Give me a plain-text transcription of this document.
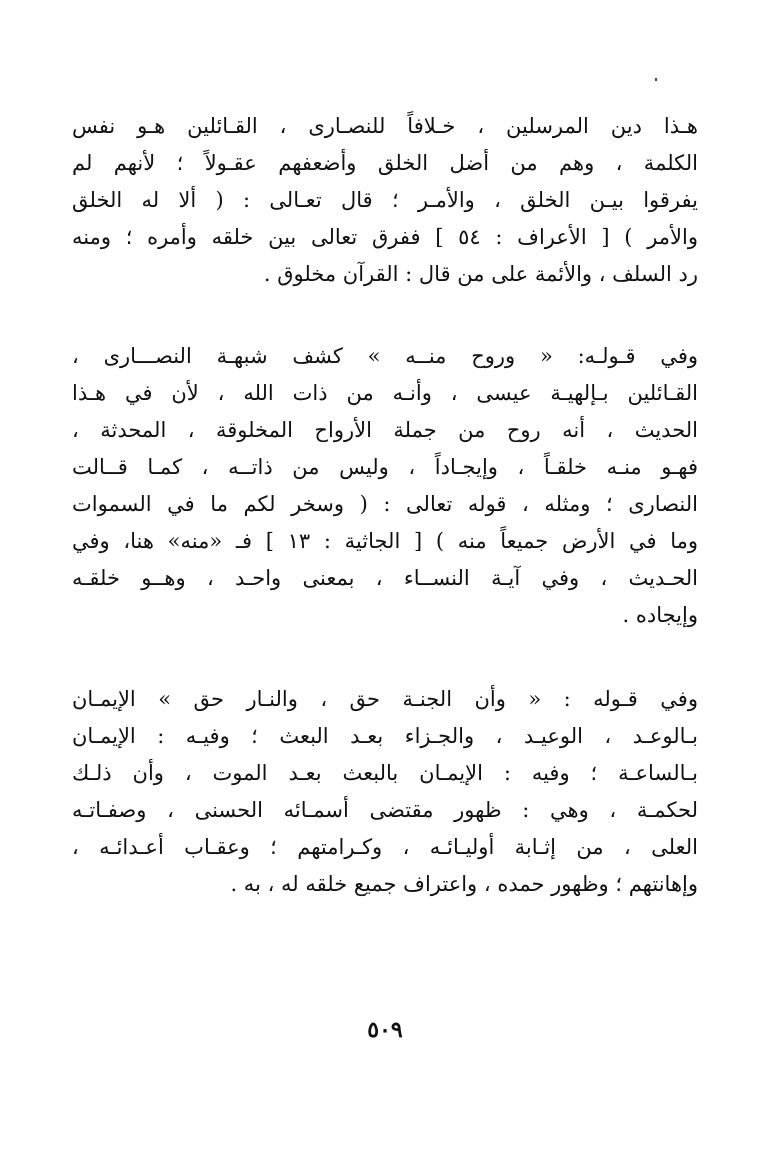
هـذا دين المرسلين ، خـلافاً للنصـارى ، القـائلين هـو نفس
الكلمة ، وهم من أضل الخلق وأضعفهم عقـولاً ؛ لأنهم لم
يفرقوا بيـن الخلق ، والأمـر ؛ قال تعـالى : ( ألا له الخلق
والأمر ) [ الأعراف : ٥٤ ] ففرق تعالى بين خلقه وأمره ؛ ومنه
رد السلف ، والأئمة على من قال : القرآن مخلوق .
وفي قـولـه: « وروح منــه » كشف شبهـة النصـــارى ،
القـائلين بـإلهيـة عيسى ، وأنـه من ذات الله ، لأن في هـذا
الحديث ، أنه روح من جملة الأرواح المخلوقة ، المحدثة ،
فهـو منـه خلقـاً ، وإيجـاداً ، وليس من ذاتــه ، كمـا قــالت
النصارى ؛ ومثله ، قوله تعالى : ( وسخر لكم ما في السموات
وما في الأرض جميعاً منه ) [ الجاثية : ١٣ ] فـ «منه» هنا، وفي
الحـديث ، وفي آيـة النســاء ، بمعنى واحـد ، وهــو خلقـه
وإيجاده .
وفي قـوله : « وأن الجنـة حق ، والنـار حق » الإيمـان
بـالوعـد ، الوعيـد ، والجـزاء بعـد البعث ؛ وفيـه : الإيمـان
بـالساعـة ؛ وفيه : الإيمـان بالبعث بعـد الموت ، وأن ذلـك
لحكمـة ، وهي : ظهور مقتضى أسمـائه الحسنى ، وصفـاتـه
العلى ، من إثـابة أوليـائـه ، وكـرامتهم ؛ وعقـاب أعـدائـه ،
وإهانتهم ؛ وظهور حمده ، واعتراف جميع خلقه له ، به .
٥٠٩
